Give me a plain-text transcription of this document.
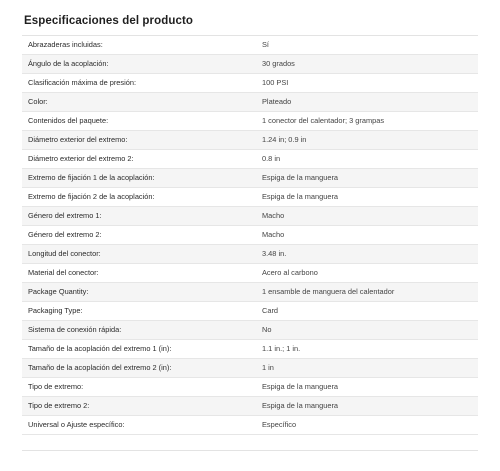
Especificaciones del producto
Abrazaderas incluidas:	Sí
Ángulo de la acoplación:	30 grados
Clasificación máxima de presión:	100 PSI
Color:	Plateado
Contenidos del paquete:	1 conector del calentador; 3 grampas
Diámetro exterior del extremo:	1.24 in; 0.9 in
Diámetro exterior del extremo 2:	0.8 in
Extremo de fijación 1 de la acoplación:	Espiga de la manguera
Extremo de fijación 2 de la acoplación:	Espiga de la manguera
Género del extremo 1:	Macho
Género del extremo 2:	Macho
Longitud del conector:	3.48 in.
Material del conector:	Acero al carbono
Package Quantity:	1 ensamble de manguera del calentador
Packaging Type:	Card
Sistema de conexión rápida:	No
Tamaño de la acoplación del extremo 1 (in):	1.1 in.; 1 in.
Tamaño de la acoplación del extremo 2 (in):	1 in
Tipo de extremo:	Espiga de la manguera
Tipo de extremo 2:	Espiga de la manguera
Universal o Ajuste específico:	Específico
